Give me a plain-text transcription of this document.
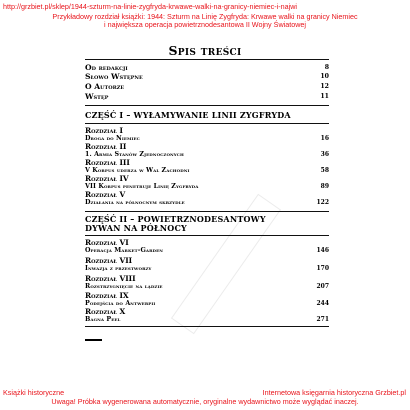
http://grzbiet.pl/sklep/1944-szturm-na-linie-zygfryda-krwawe-walki-na-granicy-niemiec-i-najwi
Przykładowy rozdział książki: 1944: Szturm na Linię Zygfryda: Krwawe walki na granicy Niemiec
i największa operacja powietrznodesantowa II Wojny Światowej
Spis treści
Od redakcji	8
Słowo Wstępne	10
O Autorze	12
Wstęp	11
CZĘŚĆ I – WYŁAMYWANIE LINII ZYGFRYDA
Rozdział I
Droga do Niemiec	16
Rozdział II
1. Armia Stanów Zjednoczonych	36
Rozdział III
V Korpus uderza w Wal Zachodni	58
Rozdział IV
VII Korpus penetruje Linię Zygfryda	89
Rozdział V
Działania na północnym skrzydle	122
CZĘŚĆ II – POWIETRZNODESANTOWY
DYWAN NA PÓŁNOCY
Rozdział VI
Operacja Market-Garden	146
Rozdział VII
Inwazja z przestworzy	170
Rozdział VIII
Rozstrzygnięcie na lądzie	207
Rozdział IX
Podejścia do Antwerpii	244
Rozdział X
Bagna Peel	271
Książki historyczne	Internetowa księgarnia historyczna Grzbiet.pl
Uwaga! Próbka wygenerowana automatycznie, oryginalne wydawnictwo może wyglądać inaczej.
